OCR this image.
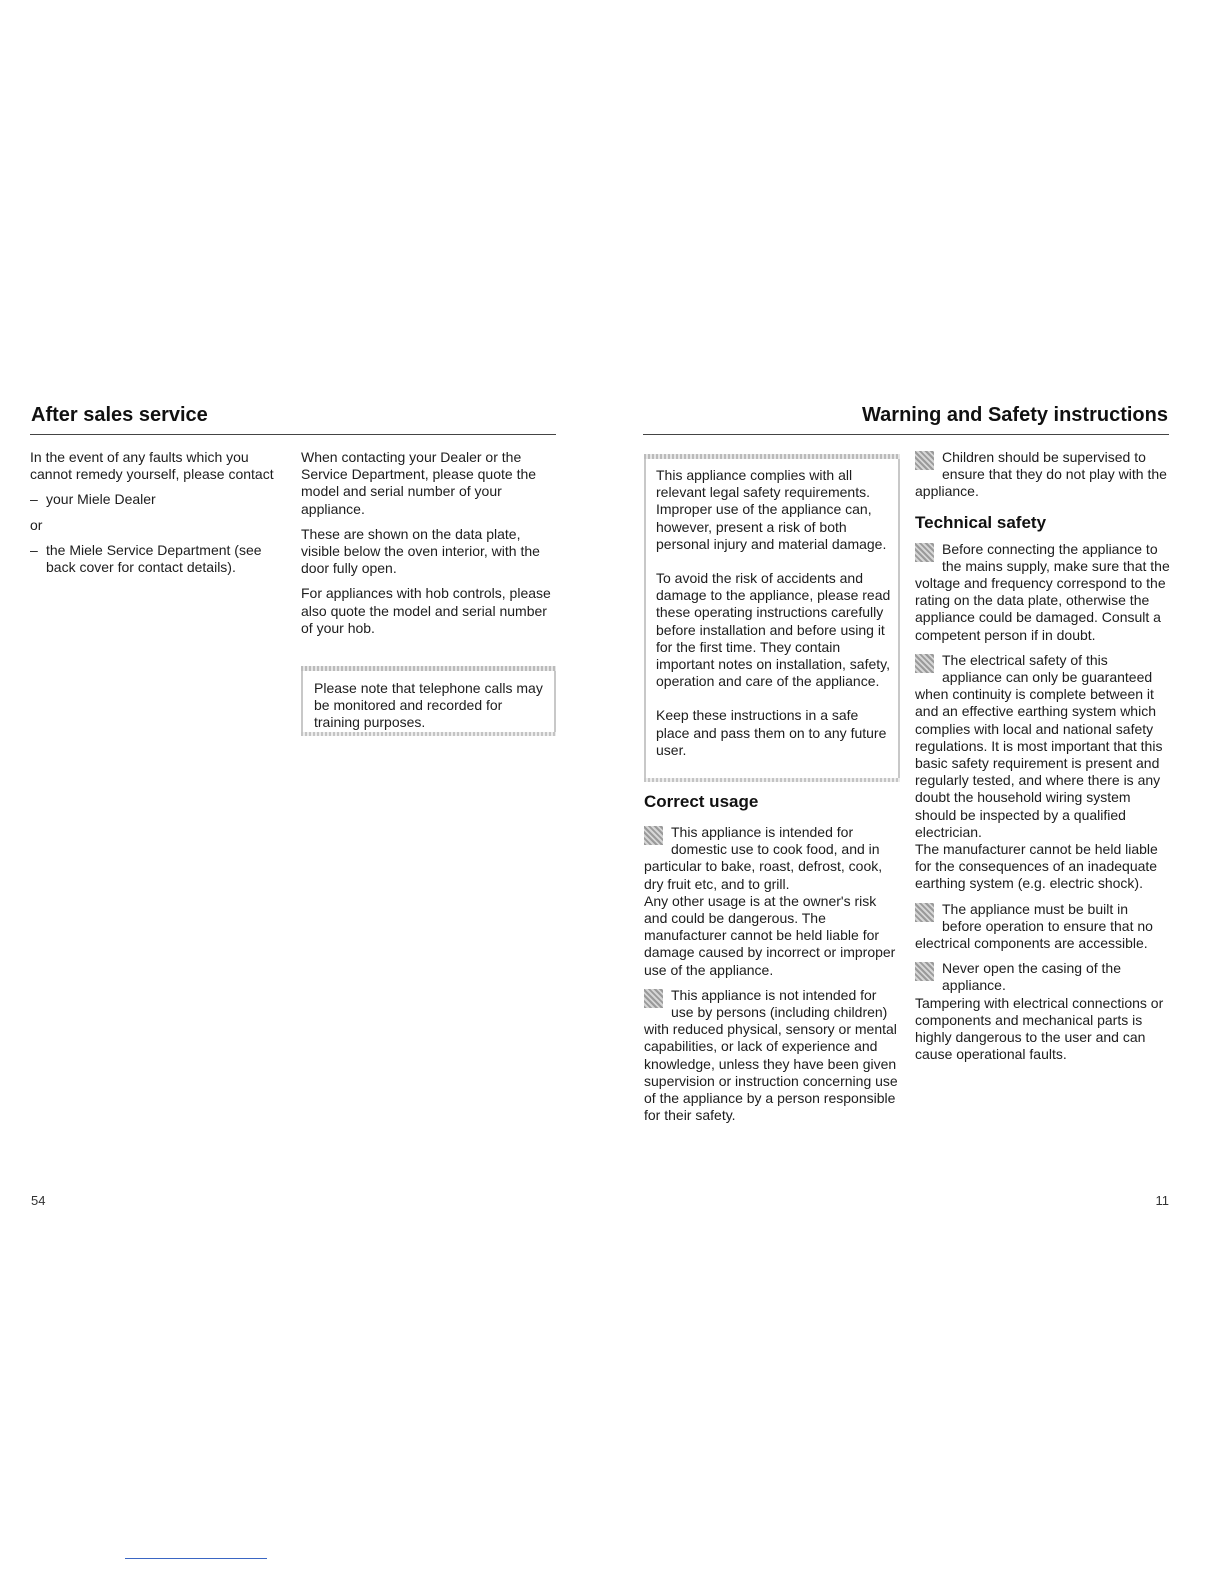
After sales service

In the event of any faults which you cannot remedy yourself, please contact

– your Miele Dealer

or

– the Miele Service Department (see back cover for contact details).

When contacting your Dealer or the Service Department, please quote the model and serial number of your appliance.

These are shown on the data plate, visible below the oven interior, with the door fully open.

For appliances with hob controls, please also quote the model and serial number of your hob.

Please note that telephone calls may be monitored and recorded for training purposes.
54
Warning and Safety instructions

This appliance complies with all relevant legal safety requirements. Improper use of the appliance can, however, present a risk of both personal injury and material damage.

To avoid the risk of accidents and damage to the appliance, please read these operating instructions carefully before installation and before using it for the first time. They contain important notes on installation, safety, operation and care of the appliance.

Keep these instructions in a safe place and pass them on to any future user.

Correct usage
This appliance is intended for domestic use to cook food, and in particular to bake, roast, defrost, cook, dry fruit etc, and to grill.
Any other usage is at the owner's risk and could be dangerous. The manufacturer cannot be held liable for damage caused by incorrect or improper use of the appliance.
This appliance is not intended for use by persons (including children) with reduced physical, sensory or mental capabilities, or lack of experience and knowledge, unless they have been given supervision or instruction concerning use of the appliance by a person responsible for their safety.
Children should be supervised to ensure that they do not play with the appliance.
Technical safety
Before connecting the appliance to the mains supply, make sure that the voltage and frequency correspond to the rating on the data plate, otherwise the appliance could be damaged. Consult a competent person if in doubt.
The electrical safety of this appliance can only be guaranteed when continuity is complete between it and an effective earthing system which complies with local and national safety regulations. It is most important that this basic safety requirement is present and regularly tested, and where there is any doubt the household wiring system should be inspected by a qualified electrician.
The manufacturer cannot be held liable for the consequences of an inadequate earthing system (e.g. electric shock).
The appliance must be built in before operation to ensure that no electrical components are accessible.
Never open the casing of the appliance.
Tampering with electrical connections or components and mechanical parts is highly dangerous to the user and can cause operational faults.
11
